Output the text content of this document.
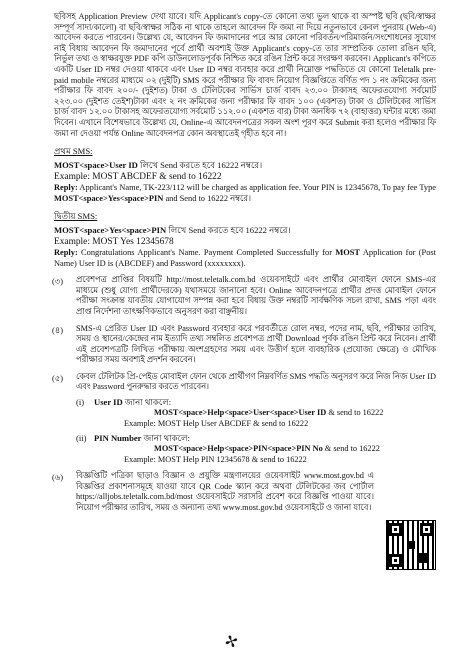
ছবিসহ Application Preview দেখা যাবে। যদি Applicant's copy-তে কোনো তথ্য ভুল থাকে বা অস্পষ্ট ছবি (ছবি/স্বাক্ষর সম্পূর্ণ সাদা/কালো) বা ছবি/স্বাক্ষর সঠিক না থাকে তাহলে আবেদন ফি জমা না দিয়ে নতুনভাবে কেবল পুনরায় (Web-এ) আবেদন করতে পারবেন। উল্লেখ্য যে, আবেদন ফি জমাদানের পরে আর কোনো পরিবর্তন/পরিমার্জন/সংশোধনের সুযোগ নাই বিধায় আবেদন ফি জমাদানের পূর্বে প্রার্থী অবশ্যই উক্ত Applicant's copy-তে তার সাম্প্রতিক তোলা রঙিন ছবি, নির্ভুল তথ্য ও স্বাক্ষরযুক্ত PDF কপি ডাউনলোডপূর্বক নিশ্চিত করে রঙিন প্রিন্ট করে সংরক্ষণ করবেন। Applicant's কপিতে একটি User ID নম্বর দেওয়া থাকবে এবং User ID নম্বর ব্যবহার করে প্রার্থী নিম্নোক্ত পদ্ধতিতে যে কোনো Teletalk pre-paid mobile নম্বরের মাধ্যমে ০২ (দুইটি) SMS করে পরীক্ষার ফি বাবদ নিয়োগ বিজ্ঞপ্তিতে বর্ণিত পদ ১ নং ক্রমিকের জন্য পরীক্ষার ফি বাবদ ২০০/- (দুইশত) টাকা ও টেলিটকের সার্ভিস চার্জ বাবদ ২৩.০০ টাকাসহ অফেরতযোগ্য সর্বমোট ২২৩.০০ (দুইশত তেইশ)টাকা এবং ২ নং ক্রমিকের জন্য পরীক্ষার ফি বাবদ ১০০ (একশত) টাকা ও টেলিটকের সার্ভিস চার্জ বাবদ ১২.০০ টাকাসহ অফেরতযোগ্য সর্বমোট ১১২.০০ (একশত বার) টাকা অনধিক ৭২ (বাহাত্তর) ঘন্টার মধ্যে জমা দিবেন। এখানে বিশেষভাবে উল্লেখ্য যে, Online-এ আবেদনপত্রের সকল অংশ পূরণ করে Submit করা হলেও পরীক্ষার ফি জমা না দেওয়া পর্যন্ত Online আবেদনপত্র কোন অবস্থাতেই গৃহীত হবে না।

প্রথম SMS:
MOST<space>User ID লিখে Send করতে হবে 16222 নম্বরে।
Example: MOST ABCDEF & send to 16222
Reply: Applicant's Name, TK-223/112 will be charged as application fee. Your PIN is 12345678, To pay fee Type MOST<space>Yes<space>PIN and Send to 16222 নম্বরে।
দ্বিতীয় SMS:
MOST<space>Yes<space>PIN লিখে Send করতে হবে 16222 নম্বরে।
Example: MOST Yes 12345678
Reply: Congratulations Applicant's Name. Payment Completed Successfully for MOST Application for (Post Name) User ID is (ABCDEF) and Password (xxxxxxxx).
(৩) প্রবেশপত্র প্রাপ্তির বিষয়টি http://most.teletalk.com.bd ওয়েবসাইটে এবং প্রার্থীর মোবাইল ফোনে SMS-এর মাধ্যমে (শুধু যোগ্য প্রার্থীদেরকে) যথাসময়ে জানানো হবে। Online আবেদনপত্রে প্রার্থীর প্রদত্ত মোবাইল ফোনে পরীক্ষা সংক্রান্ত যাবতীয় যোগাযোগ সম্পন্ন করা হবে বিধায় উক্ত নম্বরটি সার্বক্ষণিক সচল রাখা, SMS পড়া এবং প্রাপ্ত নির্দেশনা তাৎক্ষণিকভাবে অনুসরণ করা বাঞ্ছনীয়।

(৪) SMS-এ প্রেরিত User ID এবং Password ব্যবহার করে পরবর্তীতে রোল নম্বর, পদের নাম, ছবি, পরীক্ষার তারিখ, সময় ও স্থানের/কেন্দ্রের নাম ইত্যাদি তথ্য সম্বলিত প্রবেশপত্র প্রার্থী Download পূর্বক রঙিন প্রিন্ট করে নিবেন। প্রার্থী এই প্রবেশপত্রটি লিখিত পরীক্ষায় অংশগ্রহণের সময় এবং উত্তীর্ণ হলে ব্যবহারিক (প্রযোজ্য ক্ষেত্রে) ও মৌখিক পরীক্ষার সময় অবশ্যই প্রদর্শন করবেন।

(৫) কেবল টেলিটক প্রি-পেইড মোবাইল ফোন থেকে প্রার্থীগণ নিম্নবর্ণিত SMS পদ্ধতি অনুসরণ করে নিজ নিজ User ID এবং Password পুনরুদ্ধার করতে পারবেন।

(i) User ID জানা থাকলে:
MOST<space>Help<space>User<space>User ID & send to 16222
Example: MOST Help User ABCDEF & send to 16222
(ii) PIN Number জানা থাকলে:
MOST<space>Help<space>PIN<space>PIN No & send to 16222
Example: MOST Help PIN 12345678 & send to 16222
(৬) বিজ্ঞপ্তিটি পত্রিকা ছাড়াও বিজ্ঞান ও প্রযুক্তি মন্ত্রণালয়ের ওয়েবসাইট www.most.gov.bd এ বিজ্ঞপ্তির প্রকাশনাসমূহে যাওয়া যাবে QR Code স্ক্যান করে অথবা টেলিটকের জব পোর্টাল https://alljobs.teletalk.com.bd/most ওয়েবসাইটে সরাসরি প্রবেশ করে বিজ্ঞপ্তি পাওয়া যাবে। নিয়োগ পরীক্ষার তারিখ, সময় ও অন্যান্য তথ্য www.most.gov.bd ওয়েবসাইটে ও জানা যাবে।

✢
